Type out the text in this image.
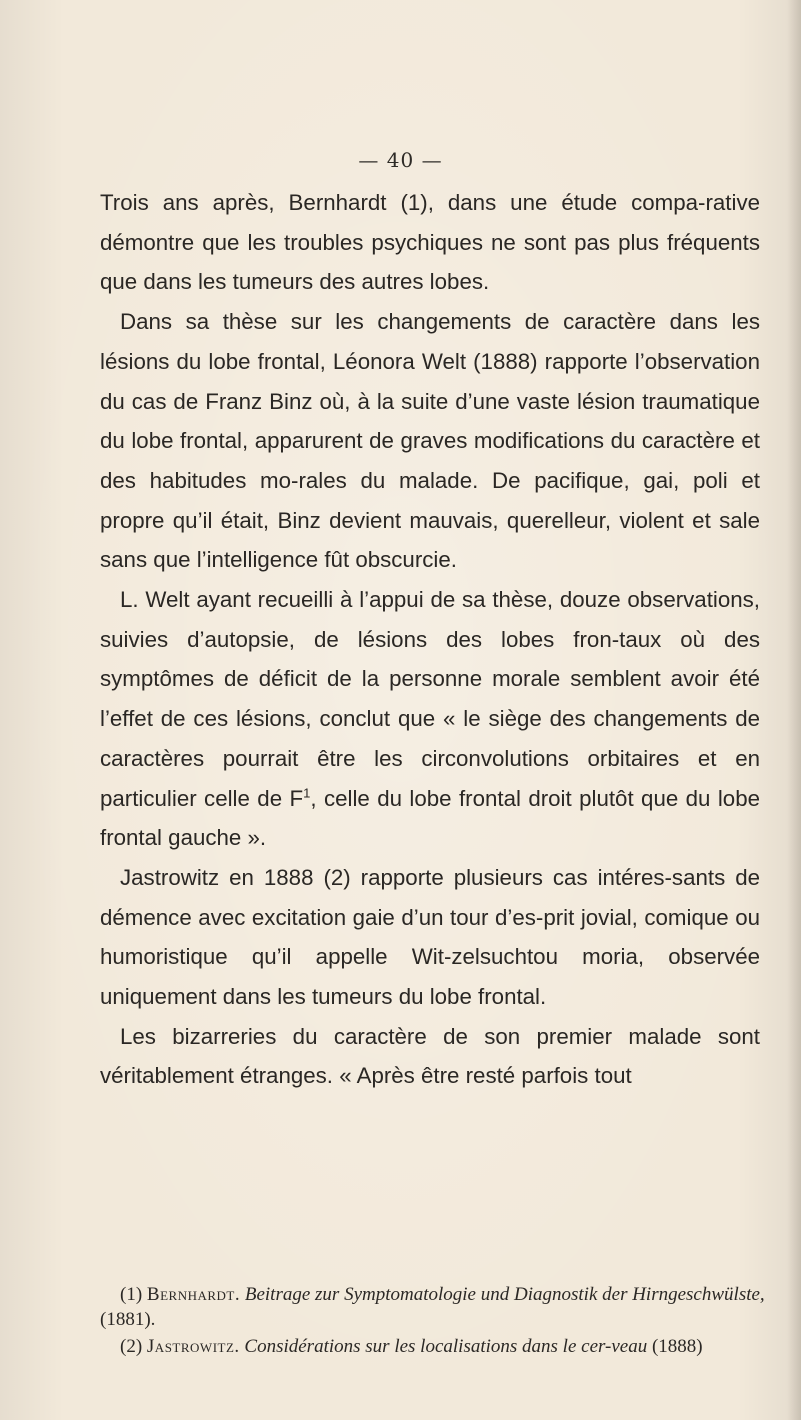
— 40 —

Trois ans après, Bernhardt (1), dans une étude compa-rative démontre que les troubles psychiques ne sont pas plus fréquents que dans les tumeurs des autres lobes.

Dans sa thèse sur les changements de caractère dans les lésions du lobe frontal, Léonora Welt (1888) rapporte l’observation du cas de Franz Binz où, à la suite d’une vaste lésion traumatique du lobe frontal, apparurent de graves modifications du caractère et des habitudes mo-rales du malade. De pacifique, gai, poli et propre qu’il était, Binz devient mauvais, querelleur, violent et sale sans que l’intelligence fût obscurcie.

L. Welt ayant recueilli à l’appui de sa thèse, douze observations, suivies d’autopsie, de lésions des lobes fron-taux où des symptômes de déficit de la personne morale semblent avoir été l’effet de ces lésions, conclut que « le siège des changements de caractères pourrait être les circonvolutions orbitaires et en particulier celle de $F^1$, celle du lobe frontal droit plutôt que du lobe frontal gauche ».

Jastrowitz en 1888 (2) rapporte plusieurs cas intéres-sants de démence avec excitation gaie d’un tour d’es-prit jovial, comique ou humoristique qu’il appelle Wit-zelsuchtou moria, observée uniquement dans les tumeurs du lobe frontal.

Les bizarreries du caractère de son premier malade sont véritablement étranges. « Après être resté parfois tout

(1) Bernhardt. Beitrage zur Symptomatologie und Diagnostik der Hirngeschwülste, (1881).

(2) Jastrowitz. Considérations sur les localisations dans le cer-veau (1888)
